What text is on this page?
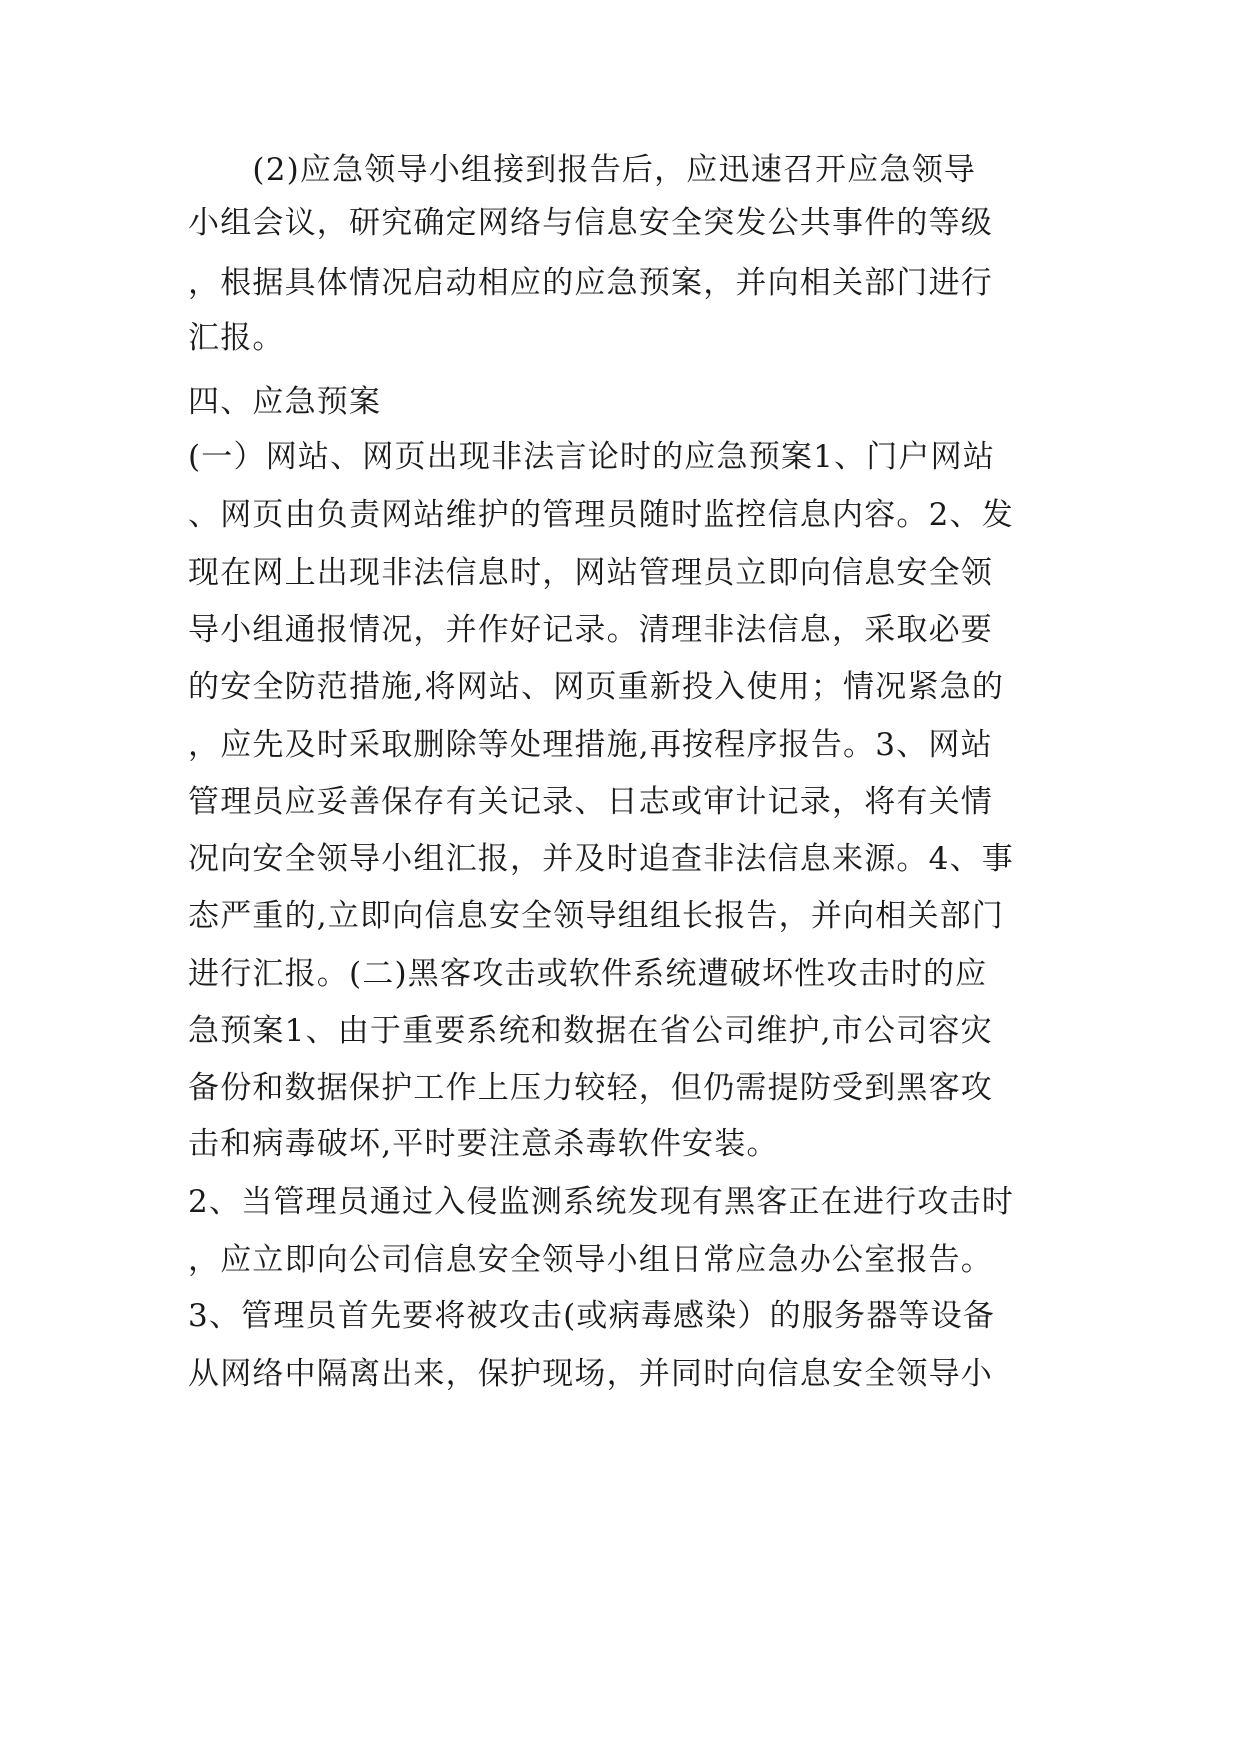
　　(2)应急领导小组接到报告后，应迅速召开应急领导
小组会议，研究确定网络与信息安全突发公共事件的等级
，根据具体情况启动相应的应急预案，并向相关部门进行
汇报。
四、应急预案
(一）网站、网页出现非法言论时的应急预案1、门户网站
、网页由负责网站维护的管理员随时监控信息内容。2、发
现在网上出现非法信息时，网站管理员立即向信息安全领
导小组通报情况，并作好记录。清理非法信息，采取必要
的安全防范措施,将网站、网页重新投入使用；情况紧急的
，应先及时采取删除等处理措施,再按程序报告。3、网站
管理员应妥善保存有关记录、日志或审计记录，将有关情
况向安全领导小组汇报，并及时追查非法信息来源。4、事
态严重的,立即向信息安全领导组组长报告，并向相关部门
进行汇报。(二)黑客攻击或软件系统遭破坏性攻击时的应
急预案1、由于重要系统和数据在省公司维护,市公司容灾
备份和数据保护工作上压力较轻，但仍需提防受到黑客攻
击和病毒破坏,平时要注意杀毒软件安装。
2、当管理员通过入侵监测系统发现有黑客正在进行攻击时
，应立即向公司信息安全领导小组日常应急办公室报告。
3、管理员首先要将被攻击(或病毒感染）的服务器等设备
从网络中隔离出来，保护现场，并同时向信息安全领导小
